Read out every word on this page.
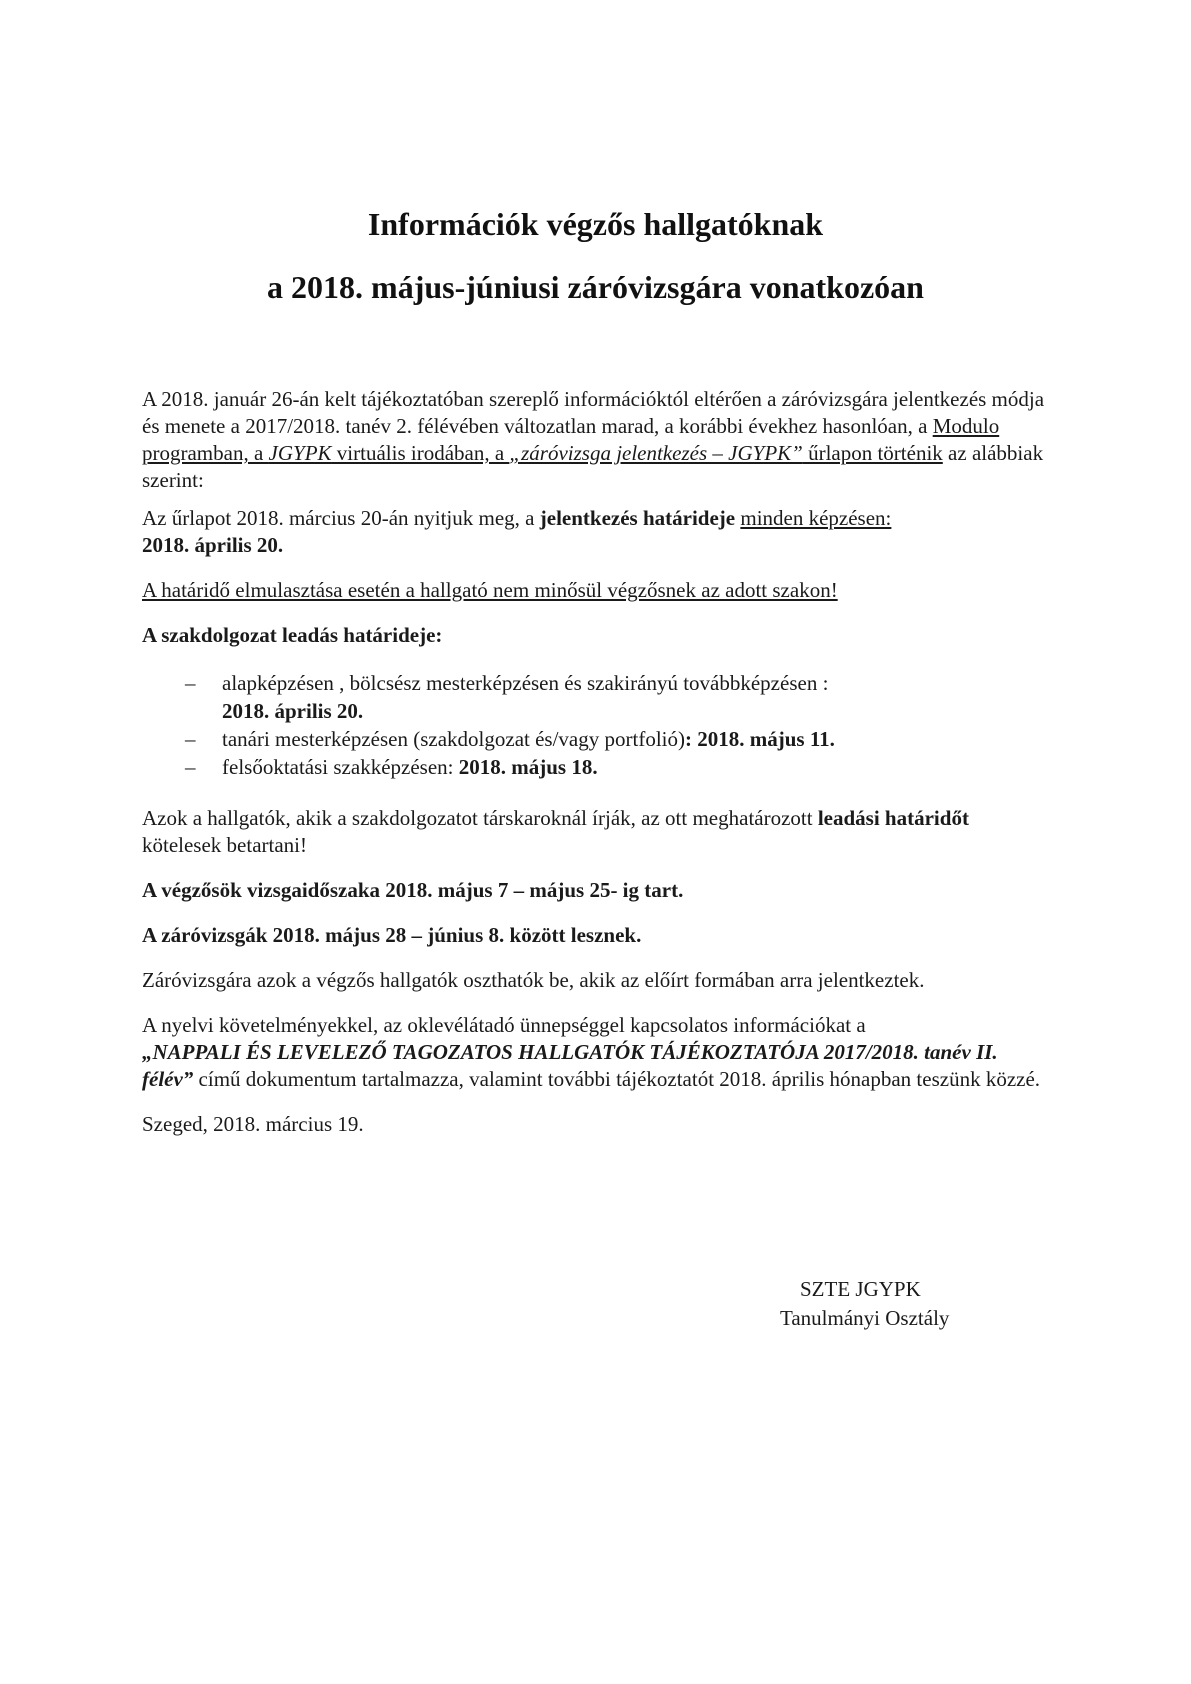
Információk végzős hallgatóknak
a 2018. május-júniusi záróvizsgára vonatkozóan

A 2018. január 26-án kelt tájékoztatóban szereplő információktól eltérően a záróvizsgára jelentkezés módja és menete a 2017/2018. tanév 2. félévében változatlan marad, a korábbi évekhez hasonlóan, a Modulo programban, a JGYPK virtuális irodában, a „záróvizsga jelentkezés – JGYPK” űrlapon történik az alábbiak szerint:

Az űrlapot 2018. március 20-án nyitjuk meg, a jelentkezés határideje minden képzésen:
2018. április 20.

A határidő elmulasztása esetén a hallgató nem minősül végzősnek az adott szakon!

A szakdolgozat leadás határideje:

– alapképzésen , bölcsész mesterképzésen és szakirányú továbbképzésen :
2018. április 20.
– tanári mesterképzésen (szakdolgozat és/vagy portfolió): 2018. május 11.
– felsőoktatási szakképzésen: 2018. május 18.

Azok a hallgatók, akik a szakdolgozatot társkaroknál írják, az ott meghatározott leadási határidőt kötelesek betartani!

A végzősök vizsgaidőszaka 2018. május 7 – május 25- ig tart.

A záróvizsgák 2018. május 28 – június 8. között lesznek.

Záróvizsgára azok a végzős hallgatók oszthatók be, akik az előírt formában arra jelentkeztek.

A nyelvi követelményekkel, az oklevélátadó ünnepséggel kapcsolatos információkat a
„NAPPALI ÉS LEVELEZŐ TAGOZATOS HALLGATÓK TÁJÉKOZTATÓJA 2017/2018. tanév II. félév” című dokumentum tartalmazza, valamint további tájékoztatót 2018. április hónapban teszünk közzé.

Szeged, 2018. március 19.

SZTE JGYPK
Tanulmányi Osztály
